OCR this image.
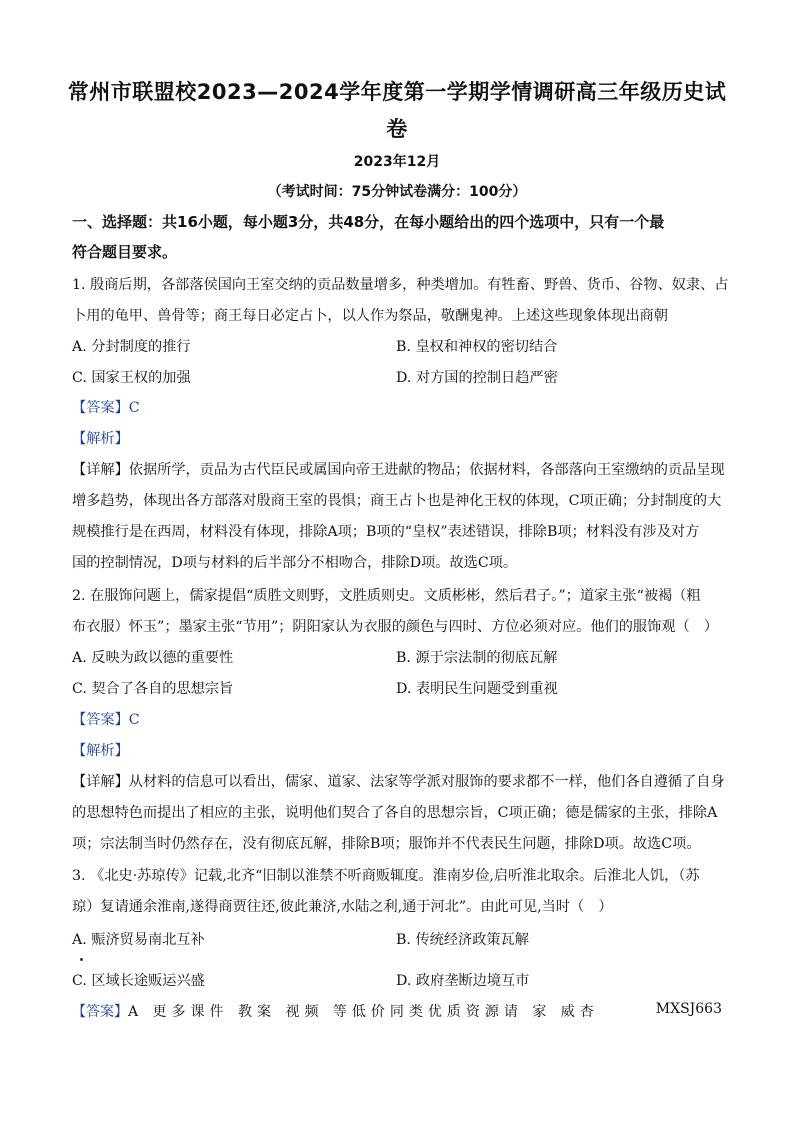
常州市联盟校2023—2024学年度第一学期学情调研高三年级历史试
卷
2023年12月
（考试时间：75分钟试卷满分：100分）
一、选择题：共16小题，每小题3分，共48分，在每小题给出的四个选项中，只有一个最
符合题目要求。
1. 殷商后期，各部落侯国向王室交纳的贡品数量增多，种类增加。有牲畜、野兽、货币、谷物、奴隶、占
卜用的龟甲、兽骨等；商王每日必定占卜，以人作为祭品，敬酬鬼神。上述这些现象体现出商朝
A. 分封制度的推行	B. 皇权和神权的密切结合
C. 国家王权的加强	D. 对方国的控制日趋严密
【答案】C
【解析】
【详解】依据所学，贡品为古代臣民或属国向帝王进献的物品；依据材料，各部落向王室缴纳的贡品呈现
增多趋势，体现出各方部落对殷商王室的畏惧；商王占卜也是神化王权的体现，C项正确；分封制度的大
规模推行是在西周，材料没有体现，排除A项；B项的“皇权”表述错误，排除B项；材料没有涉及对方
国的控制情况，D项与材料的后半部分不相吻合，排除D项。故选C项。
2. 在服饰问题上，儒家提倡“质胜文则野，文胜质则史。文质彬彬，然后君子。”；道家主张“被褐（粗
布衣服）怀玉”；墨家主张“节用”；阴阳家认为衣服的颜色与四时、方位必须对应。他们的服饰观（　）
A. 反映为政以德的重要性	B. 源于宗法制的彻底瓦解
C. 契合了各自的思想宗旨	D. 表明民生问题受到重视
【答案】C
【解析】
【详解】从材料的信息可以看出，儒家、道家、法家等学派对服饰的要求都不一样，他们各自遵循了自身
的思想特色而提出了相应的主张，说明他们契合了各自的思想宗旨，C项正确；德是儒家的主张，排除A
项；宗法制当时仍然存在，没有彻底瓦解，排除B项；服饰并不代表民生问题，排除D项。故选C项。
3. 《北史·苏琼传》记载,北齐“旧制以淮禁不听商贩辄度。淮南岁俭,启听淮北取余。后淮北人饥，（苏
琼）复请通余淮南,遂得商贾往还,彼此兼济,水陆之利,通于河北”。由此可见,当时（　）
A. 赈济贸易南北互补	B. 传统经济政策瓦解
C. 区域长途贩运兴盛	D. 政府垄断边境互市
【答案】A 更多课件 教案 视频 等低价同类优质资源请 家 威杏	MXSJ663
